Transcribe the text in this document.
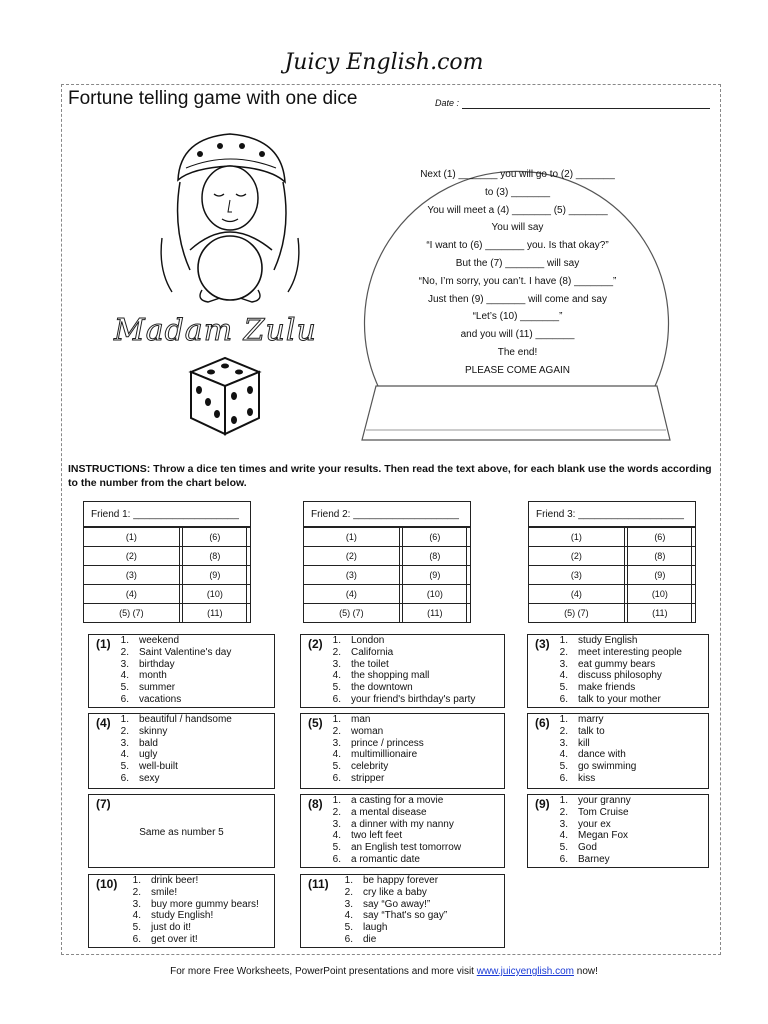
Juicy English.com
Fortune telling game with one dice	Date :
Madam Zulu
Next (1) _______ you will go to (2) _______
to (3) _______
You will meet a (4) _______ (5) _______
You will say
“I want to (6) _______ you. Is that okay?”
But the (7) _______ will say
“No, I’m sorry, you can’t. I have (8) _______”
Just then (9) _______ will come and say
“Let’s (10) _______”
and you will (11) _______
The end!
PLEASE COME AGAIN
INSTRUCTIONS: Throw a dice ten times and write your results. Then read the text above, for each blank use the words according to the number from the chart below.
Friend 1: ___________________
(1)		(6)	
(2)		(8)	
(3)		(9)	
(4)		(10)	
(5) (7)		(11)	
Friend 2: ___________________
(1)		(6)	
(2)		(8)	
(3)		(9)	
(4)		(10)	
(5) (7)		(11)	
Friend 3: ___________________
(1)		(6)	
(2)		(8)	
(3)		(9)	
(4)		(10)	
(5) (7)		(11)	
(1) 1.	weekend
2.	Saint Valentine's day
3.	birthday
4.	month
5.	summer
6.	vacations
(2) 1.	London
2.	California
3.	the toilet
4.	the shopping mall
5.	the downtown
6.	your friend's birthday's party
(3) 1.	study English
2.	meet interesting people
3.	eat gummy bears
4.	discuss philosophy
5.	make friends
6.	talk to your mother
(4) 1.	beautiful / handsome
2.	skinny
3.	bald
4.	ugly
5.	well-built
6.	sexy
(5) 1.	man
2.	woman
3.	prince / princess
4.	multimillionaire
5.	celebrity
6.	stripper
(6) 1.	marry
2.	talk to
3.	kill
4.	dance with
5.	go swimming
6.	kiss
Same as number 5
(7)	(8) 1.	a casting for a movie
2.	a mental disease
3.	a dinner with my nanny
4.	two left feet
5.	an English test tomorrow
6.	a romantic date
(9) 1.	your granny
2.	Tom Cruise
3.	your ex
4.	Megan Fox
5.	God
6.	Barney
(10)	1.	drink beer!
2.	smile!
3.	buy more gummy bears!
4.	study English!
5.	just do it!
6.	get over it!
(11)	1.	be happy forever
2.	cry like a baby
3.	say “Go away!”
4.	say “That's so gay”
5.	laugh
6.	die
For more Free Worksheets, PowerPoint presentations and more visit www.juicyenglish.com now!
